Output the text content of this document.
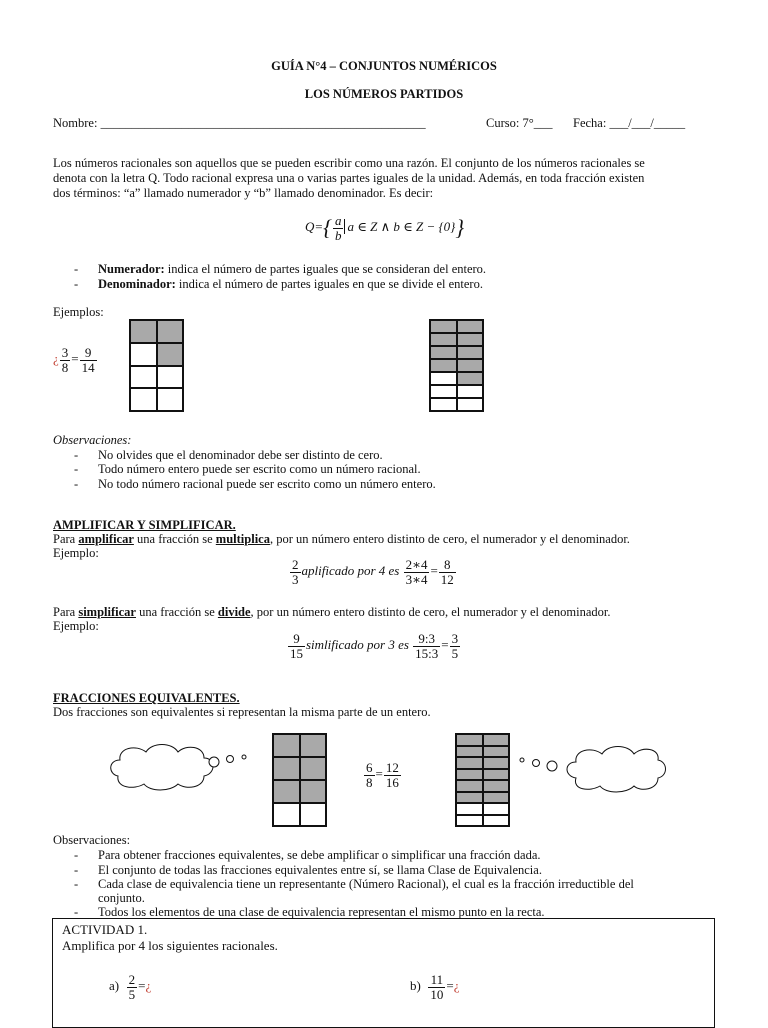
GUÍA N°4 – CONJUNTOS NUMÉRICOS
LOS NÚMEROS PARTIDOS
Nombre: ____________________________________________________	Curso: 7°___ Fecha: ___/___/_____
Los números racionales son aquellos que se pueden escribir como una razón. El conjunto de los números racionales se
denota con la letra Q. Todo racional expresa una o varias partes iguales de la unidad. Además, en toda fracción existen
dos términos: “a” llamado numerador y “b” llamado denominador. Es decir:
$Q=\{ \frac{a}{b}$ a ∈ Z ∧ b ∈ Z − {0}}
- Numerador: indica el número de partes iguales que se consideran del entero.
- Denominador: indica el número de partes iguales en que se divide el entero.
Ejemplos:
¿ $\frac{3}{8} = \frac{9}{14}$
Observaciones:
- No olvides que el denominador debe ser distinto de cero.
- Todo número entero puede ser escrito como un número racional.
- No todo número racional puede ser escrito como un número entero.
AMPLIFICAR Y SIMPLIFICAR.
Para amplificar una fracción se multiplica, por un número entero distinto de cero, el numerador y el denominador.
Ejemplo:
$\frac{2}{3}$ aplificado por 4 es $\frac{2∗4}{3∗4} = \frac{8}{12}$
Para simplificar una fracción se divide, por un número entero distinto de cero, el numerador y el denominador.
Ejemplo:
$\frac{9}{15}$ simlificado por 3 es $\frac{9:3}{15:3} = \frac{3}{5}$
FRACCIONES EQUIVALENTES.
Dos fracciones son equivalentes si representan la misma parte de un entero.
$\frac{6}{8} = \frac{12}{16}$
Observaciones:
- Para obtener fracciones equivalentes, se debe amplificar o simplificar una fracción dada.
- El conjunto de todas las fracciones equivalentes entre sí, se llama Clase de Equivalencia.
- Cada clase de equivalencia tiene un representante (Número Racional), el cual es la fracción irreductible del
conjunto.
- Todos los elementos de una clase de equivalencia representan el mismo punto en la recta.
ACTIVIDAD 1.
Amplifica por 4 los siguientes racionales.
$a) \frac{2}{5}$ =¿	$b) \frac{11}{10}$ =¿
